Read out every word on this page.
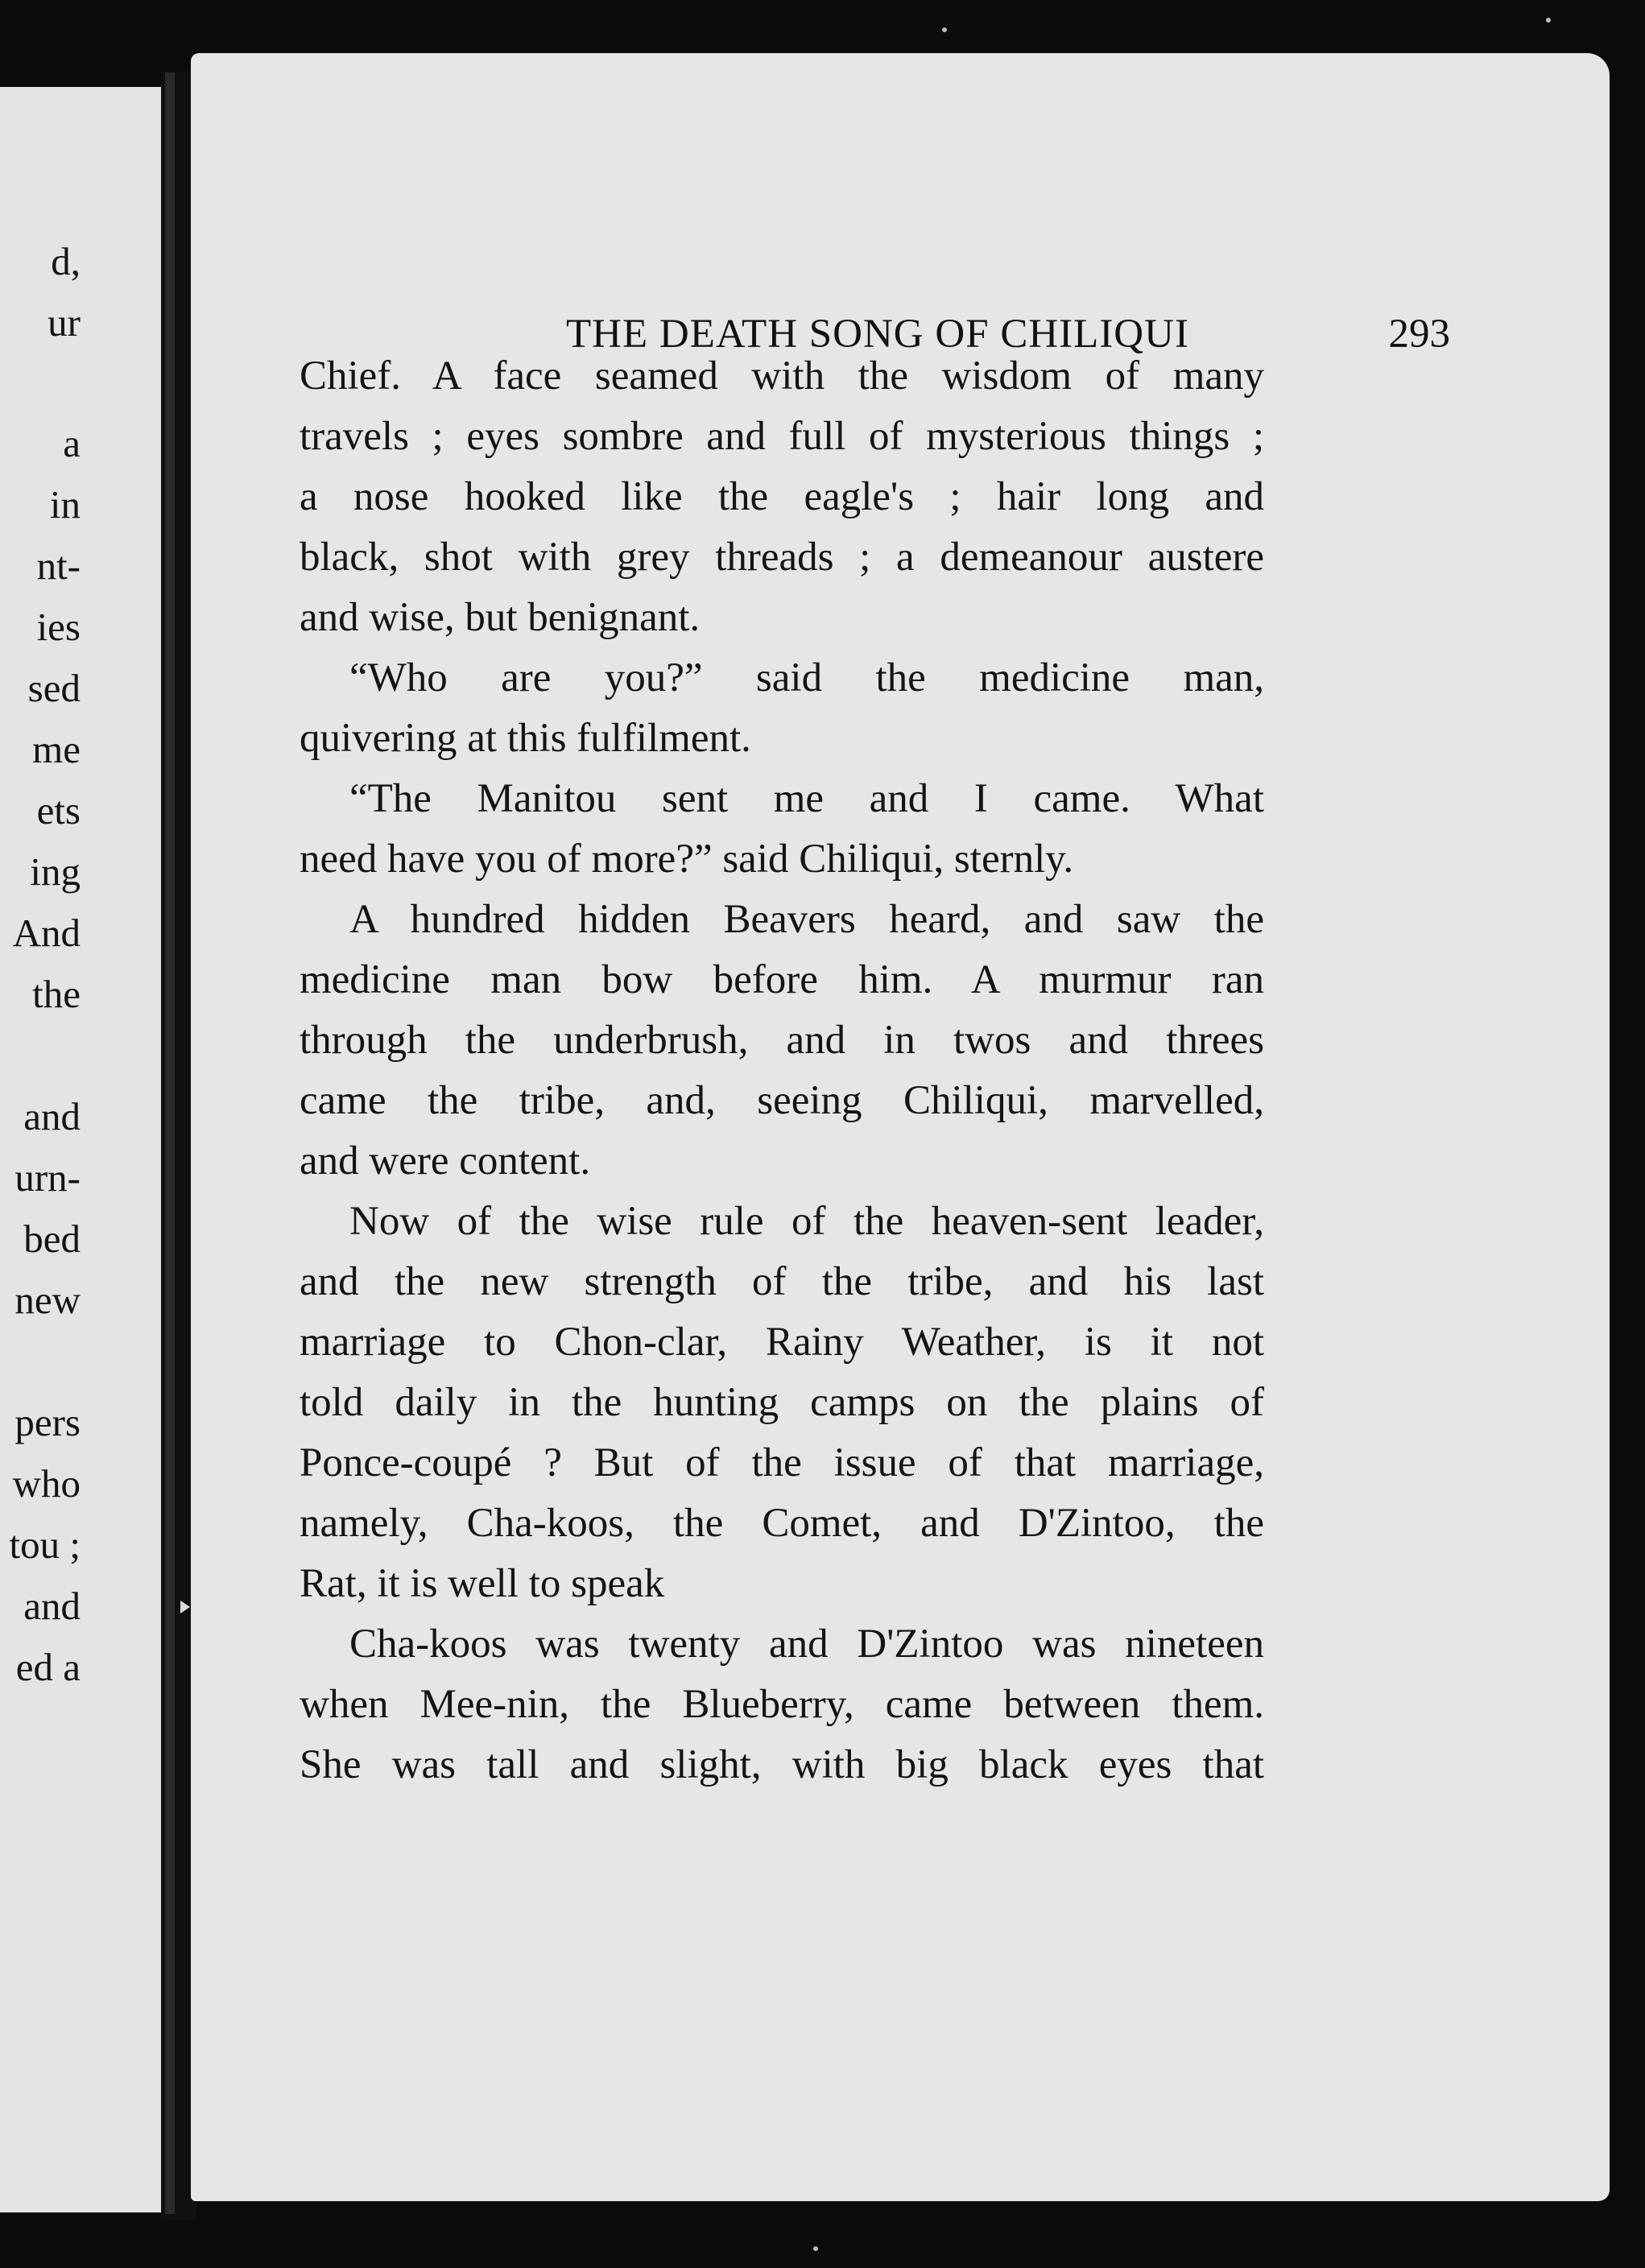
d,
ur
a
in
nt-
ies
sed
me
ets
ing
And
the
and
urn-
bed
new
pers
who
tou ;
and
ed a
THE DEATH SONG OF CHILIQUI	293
Chief. A face seamed with the wisdom of many
travels ; eyes sombre and full of mysterious things ;
a nose hooked like the eagle's ; hair long and
black, shot with grey threads ; a demeanour austere
and wise, but benignant.
“Who are you?” said the medicine man,
quivering at this fulfilment.
“The Manitou sent me and I came. What
need have you of more?” said Chiliqui, sternly.
A hundred hidden Beavers heard, and saw the
medicine man bow before him. A murmur ran
through the underbrush, and in twos and threes
came the tribe, and, seeing Chiliqui, marvelled,
and were content.
Now of the wise rule of the heaven-sent leader,
and the new strength of the tribe, and his last
marriage to Chon-clar, Rainy Weather, is it not
told daily in the hunting camps on the plains of
Ponce-coupé ? But of the issue of that marriage,
namely, Cha-koos, the Comet, and D'Zintoo, the
Rat, it is well to speak
Cha-koos was twenty and D'Zintoo was nineteen
when Mee-nin, the Blueberry, came between them.
She was tall and slight, with big black eyes that
